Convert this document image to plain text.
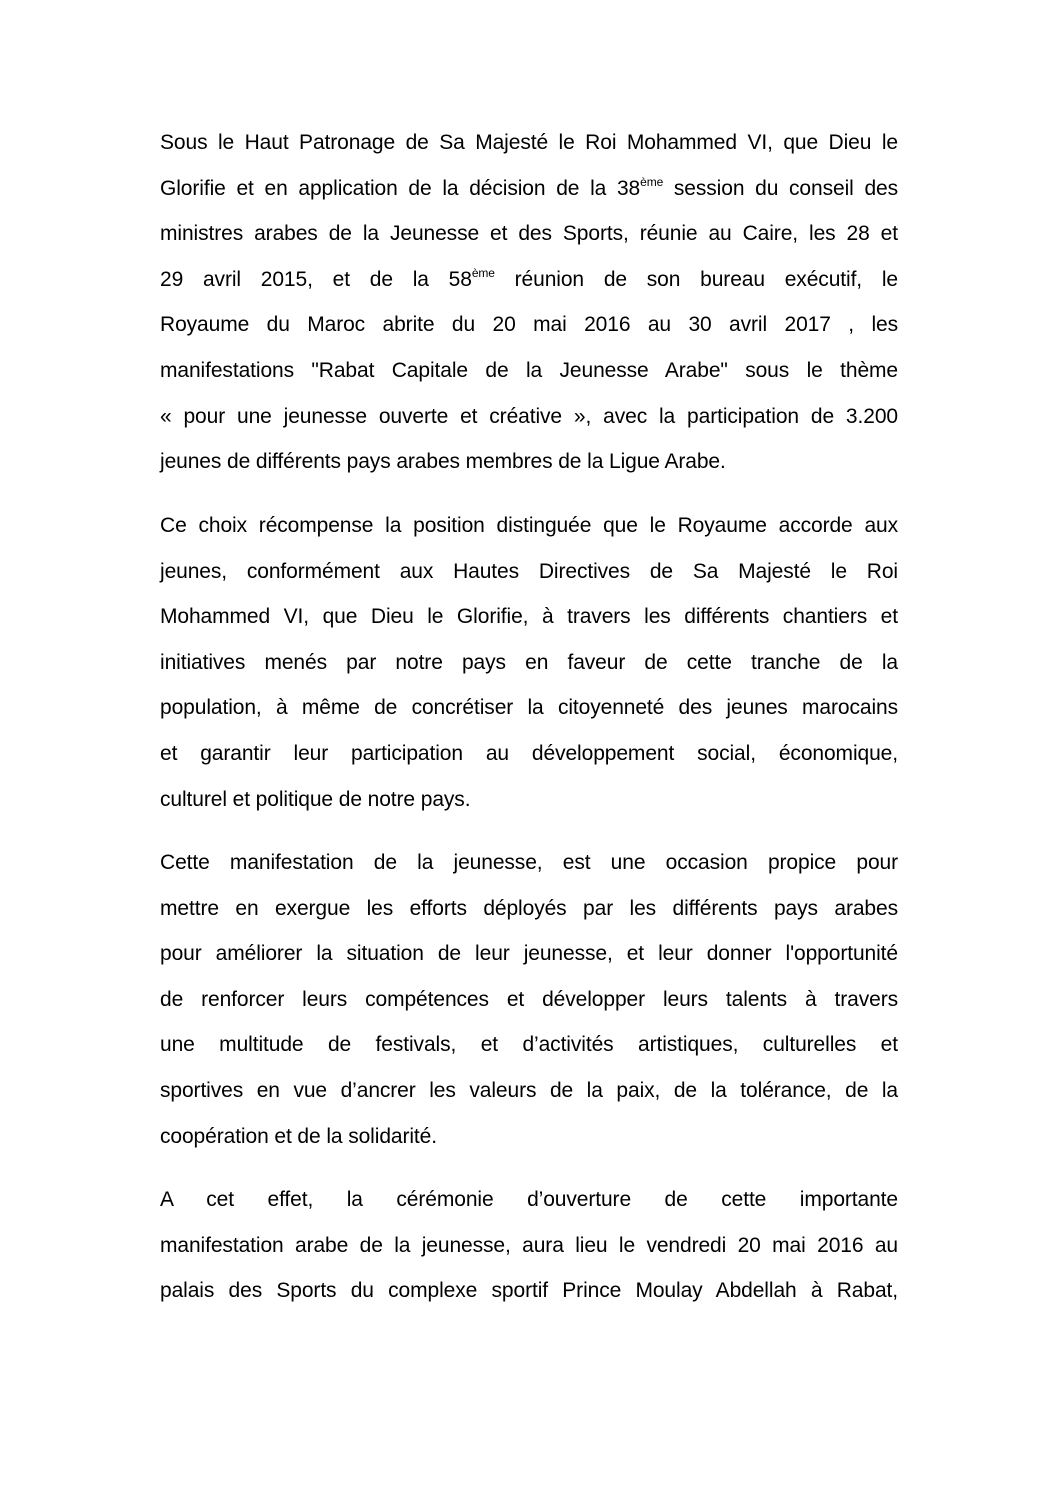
Sous le Haut Patronage de Sa Majesté le Roi Mohammed VI, que Dieu le
Glorifie et en application de la décision de la 38ème session du conseil des
ministres arabes de la Jeunesse et des Sports, réunie au Caire, les 28 et
29 avril 2015, et de la 58ème réunion de son bureau exécutif, le
Royaume du Maroc abrite du 20 mai 2016 au 30 avril 2017 , les
manifestations "Rabat Capitale de la Jeunesse Arabe" sous le thème
« pour une jeunesse ouverte et créative », avec la participation de 3.200
jeunes de différents pays arabes membres de la Ligue Arabe.
Ce choix récompense la position distinguée que le Royaume accorde aux
jeunes, conformément aux Hautes Directives de Sa Majesté le Roi
Mohammed VI, que Dieu le Glorifie, à travers les différents chantiers et
initiatives menés par notre pays en faveur de cette tranche de la
population, à même de concrétiser la citoyenneté des jeunes marocains
et garantir leur participation au développement social, économique,
culturel et politique de notre pays.
Cette manifestation de la jeunesse, est une occasion propice pour
mettre en exergue les efforts déployés par les différents pays arabes
pour améliorer la situation de leur jeunesse, et leur donner l'opportunité
de renforcer leurs compétences et développer leurs talents à travers
une multitude de festivals, et d’activités artistiques, culturelles et
sportives en vue d’ancrer les valeurs de la paix, de la tolérance, de la
coopération et de la solidarité.
A cet effet, la cérémonie d’ouverture de cette importante
manifestation arabe de la jeunesse, aura lieu le vendredi 20 mai 2016 au
palais des Sports du complexe sportif Prince Moulay Abdellah à Rabat,
